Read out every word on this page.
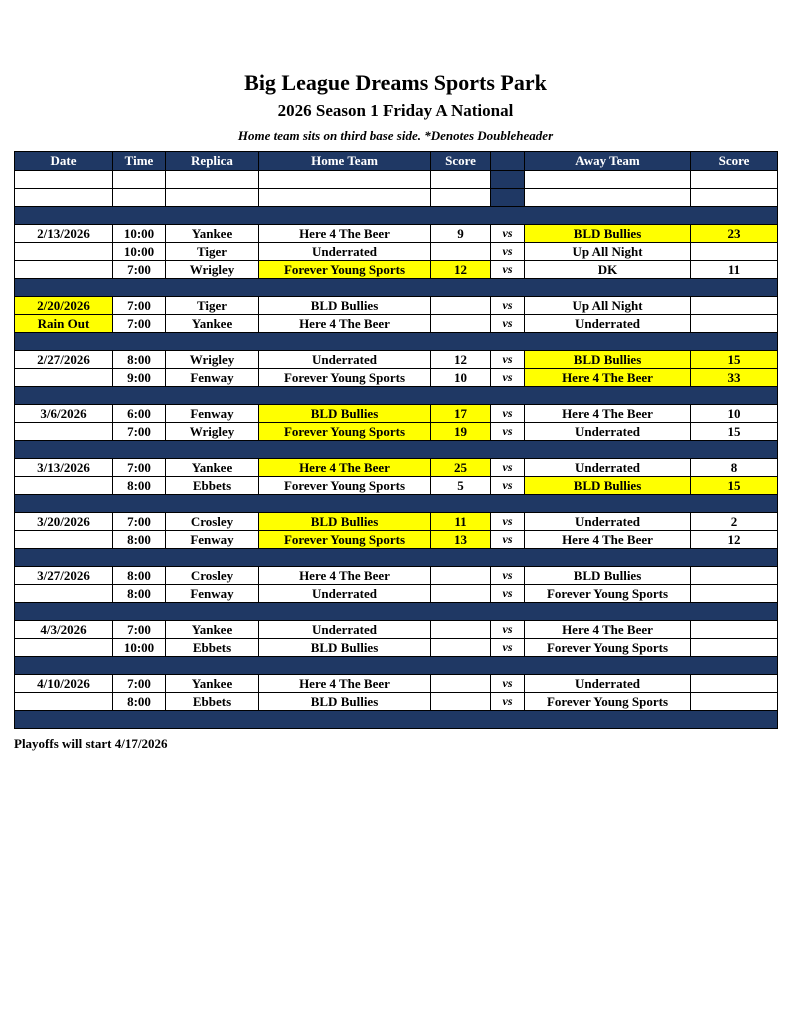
Big League Dreams Sports Park
2026 Season 1 Friday A National
Home team sits on third base side. *Denotes Doubleheader
Date	Time	Replica	Home Team	Score		Away Team	Score

2/13/2026	10:00	Yankee	Here 4 The Beer	9	vs	BLD Bullies	23
	10:00	Tiger	Underrated		vs	Up All Night	
	7:00	Wrigley	Forever Young Sports	12	vs	DK	11

2/20/2026	7:00	Tiger	BLD Bullies		vs	Up All Night	
Rain Out	7:00	Yankee	Here 4 The Beer		vs	Underrated	

2/27/2026	8:00	Wrigley	Underrated	12	vs	BLD Bullies	15
	9:00	Fenway	Forever Young Sports	10	vs	Here 4 The Beer	33

3/6/2026	6:00	Fenway	BLD Bullies	17	vs	Here 4 The Beer	10
	7:00	Wrigley	Forever Young Sports	19	vs	Underrated	15

3/13/2026	7:00	Yankee	Here 4 The Beer	25	vs	Underrated	8
	8:00	Ebbets	Forever Young Sports	5	vs	BLD Bullies	15

3/20/2026	7:00	Crosley	BLD Bullies	11	vs	Underrated	2
	8:00	Fenway	Forever Young Sports	13	vs	Here 4 The Beer	12

3/27/2026	8:00	Crosley	Here 4 The Beer		vs	BLD Bullies	
	8:00	Fenway	Underrated		vs	Forever Young Sports	

4/3/2026	7:00	Yankee	Underrated		vs	Here 4 The Beer	
	10:00	Ebbets	BLD Bullies		vs	Forever Young Sports	

4/10/2026	7:00	Yankee	Here 4 The Beer		vs	Underrated	
	8:00	Ebbets	BLD Bullies		vs	Forever Young Sports	

Playoffs will start 4/17/2026
